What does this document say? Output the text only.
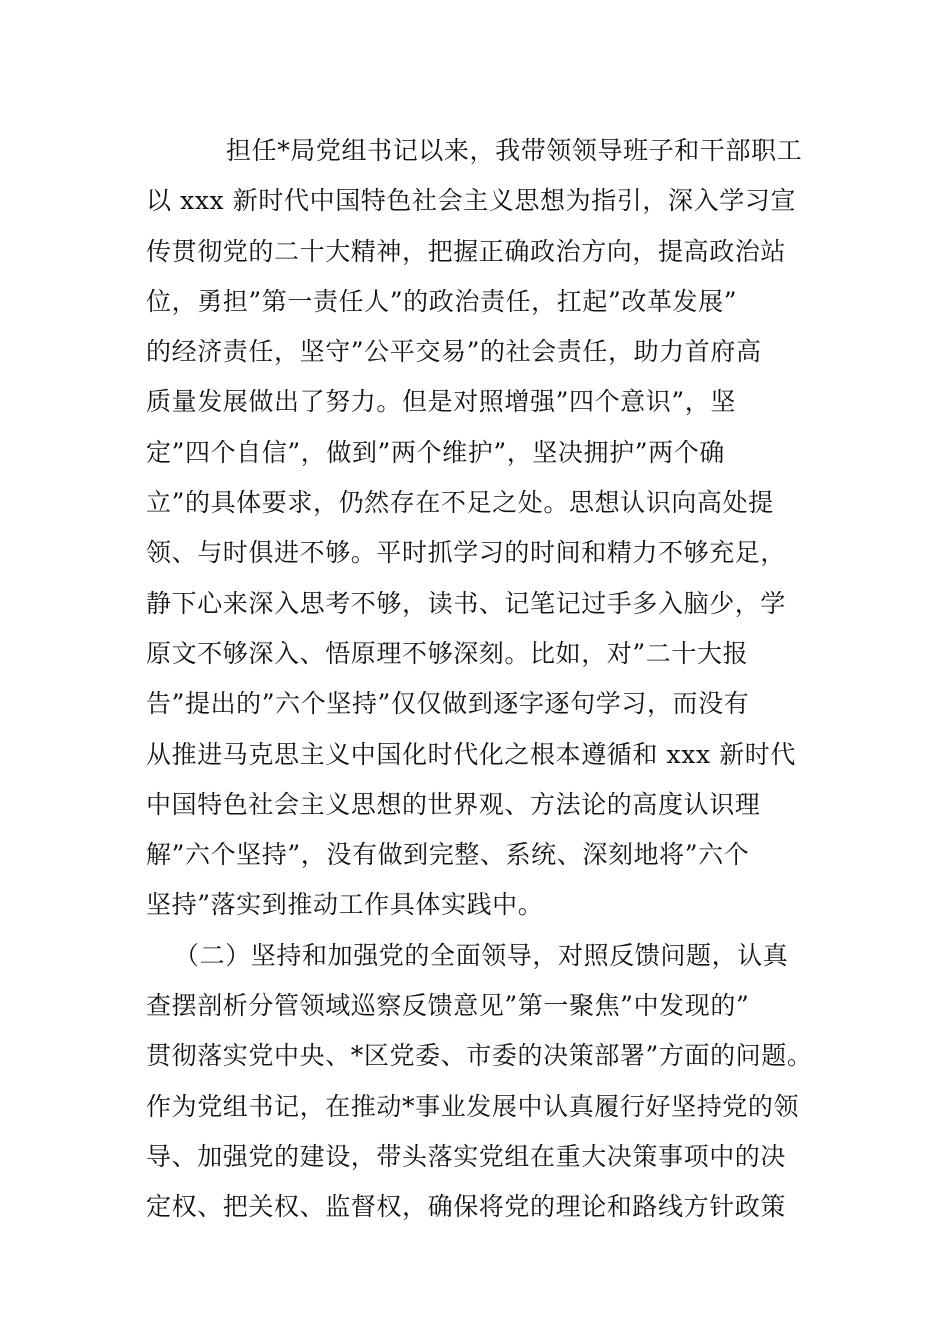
担任*局党组书记以来，我带领领导班子和干部职工
以 xxx 新时代中国特色社会主义思想为指引，深入学习宣
传贯彻党的二十大精神，把握正确政治方向，提高政治站
位，勇担”第一责任人”的政治责任，扛起”改革发展”
的经济责任，坚守”公平交易”的社会责任，助力首府高
质量发展做出了努力。但是对照增强”四个意识”，坚
定”四个自信”，做到”两个维护”，坚决拥护”两个确
立”的具体要求，仍然存在不足之处。思想认识向高处提
领、与时俱进不够。平时抓学习的时间和精力不够充足，
静下心来深入思考不够，读书、记笔记过手多入脑少，学
原文不够深入、悟原理不够深刻。比如，对”二十大报
告”提出的”六个坚持”仅仅做到逐字逐句学习，而没有
从推进马克思主义中国化时代化之根本遵循和 xxx 新时代
中国特色社会主义思想的世界观、方法论的高度认识理
解”六个坚持”，没有做到完整、系统、深刻地将”六个
坚持”落实到推动工作具体实践中。
（二）坚持和加强党的全面领导，对照反馈问题，认真
查摆剖析分管领域巡察反馈意见”第一聚焦”中发现的”
贯彻落实党中央、*区党委、市委的决策部署”方面的问题。
作为党组书记，在推动*事业发展中认真履行好坚持党的领
导、加强党的建设，带头落实党组在重大决策事项中的决
定权、把关权、监督权，确保将党的理论和路线方针政策
